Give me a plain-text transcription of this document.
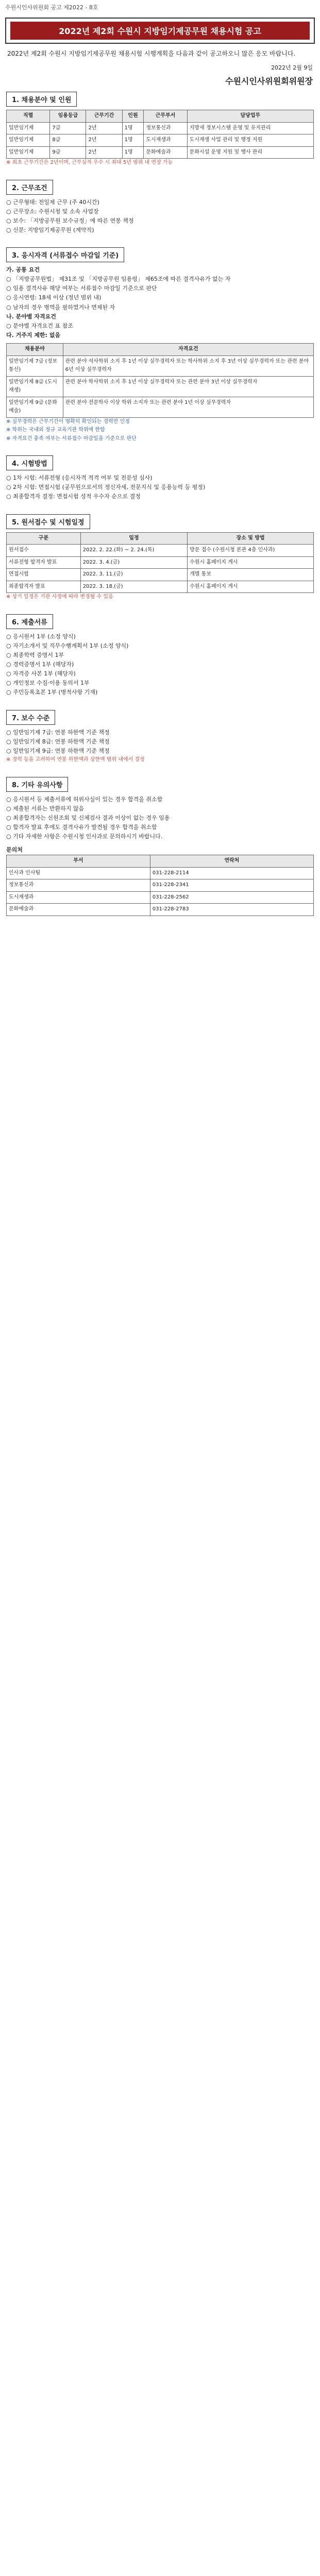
수원시인사위원회 공고 제2022 - 8호
2022년 제2회 수원시 지방임기제공무원 채용시험 공고
2022년 제2회 수원시 지방임기제공무원 채용시험 시행계획을 다음과 같이 공고하오니 많은 응모 바랍니다.
2022년 2월 9일
수원시인사위원회위원장
1. 채용분야 및 인원
직렬	임용등급	근무기간	인원	근무부서	담당업무
일반임기제	7급	2년	1명	정보통신과	지방세 정보시스템 운영 및 유지관리
일반임기제	8급	2년	1명	도시재생과	도시재생 사업 관리 및 행정 지원
일반임기제	9급	2년	1명	문화예술과	문화시설 운영 지원 및 행사 관리
※ 최초 근무기간은 2년이며, 근무실적 우수 시 최대 5년 범위 내 연장 가능
2. 근무조건
○ 근무형태: 전일제 근무 (주 40시간)
○ 근무장소: 수원시청 및 소속 사업장
○ 보수: 「지방공무원 보수규정」에 따른 연봉 책정
○ 신분: 지방임기제공무원 (계약직)
3. 응시자격 (서류접수 마감일 기준)
가. 공통 요건
○ 「지방공무원법」 제31조 및 「지방공무원 임용령」 제65조에 따른 결격사유가 없는 자
○ 임용 결격사유 해당 여부는 서류접수 마감일 기준으로 판단
○ 응시연령: 18세 이상 (정년 범위 내)
○ 남자의 경우 병역을 필하였거나 면제된 자
나. 분야별 자격요건
○ 분야별 자격요건 표 참조
다. 거주지 제한: 없음
채용분야	자격요건
일반임기제 7급 (정보통신)	관련 분야 석사학위 소지 후 1년 이상 실무경력자 또는 학사학위 소지 후 3년 이상 실무경력자 또는 관련 분야 6년 이상 실무경력자
일반임기제 8급 (도시재생)	관련 분야 학사학위 소지 후 1년 이상 실무경력자 또는 관련 분야 3년 이상 실무경력자
일반임기제 9급 (문화예술)	관련 분야 전문학사 이상 학위 소지자 또는 관련 분야 1년 이상 실무경력자
※ 실무경력은 근무기간이 명확히 확인되는 경력만 인정
※ 학위는 국내외 정규 교육기관 학위에 한함
※ 자격요건 충족 여부는 서류접수 마감일을 기준으로 판단
4. 시험방법
○ 1차 시험: 서류전형 (응시자격 적격 여부 및 전문성 심사)
○ 2차 시험: 면접시험 (공무원으로서의 정신자세, 전문지식 및 응용능력 등 평정)
○ 최종합격자 결정: 면접시험 성적 우수자 순으로 결정
5. 원서접수 및 시험일정
구분	일정	장소 및 방법
원서접수	2022. 2. 22.(화) ~ 2. 24.(목)	방문 접수 (수원시청 본관 4층 인사과)
서류전형 합격자 발표	2022. 3. 4.(금)	수원시 홈페이지 게시
면접시험	2022. 3. 11.(금)	개별 통보
최종합격자 발표	2022. 3. 18.(금)	수원시 홈페이지 게시
※ 상기 일정은 기관 사정에 따라 변경될 수 있음
6. 제출서류
○ 응시원서 1부 (소정 양식)
○ 자기소개서 및 직무수행계획서 1부 (소정 양식)
○ 최종학력 증명서 1부
○ 경력증명서 1부 (해당자)
○ 자격증 사본 1부 (해당자)
○ 개인정보 수집·이용 동의서 1부
○ 주민등록초본 1부 (병적사항 기재)
7. 보수 수준
○ 일반임기제 7급: 연봉 하한액 기준 책정
○ 일반임기제 8급: 연봉 하한액 기준 책정
○ 일반임기제 9급: 연봉 하한액 기준 책정
※ 경력 등을 고려하여 연봉 하한액과 상한액 범위 내에서 결정
8. 기타 유의사항
○ 응시원서 등 제출서류에 허위사실이 있는 경우 합격을 취소함
○ 제출된 서류는 반환하지 않음
○ 최종합격자는 신원조회 및 신체검사 결과 이상이 없는 경우 임용
○ 합격자 발표 후에도 결격사유가 발견될 경우 합격을 취소함
○ 기타 자세한 사항은 수원시청 인사과로 문의하시기 바랍니다.
문의처
부서	연락처
인사과 인사팀	031-228-2114
정보통신과	031-228-2341
도시재생과	031-228-2562
문화예술과	031-228-2783
